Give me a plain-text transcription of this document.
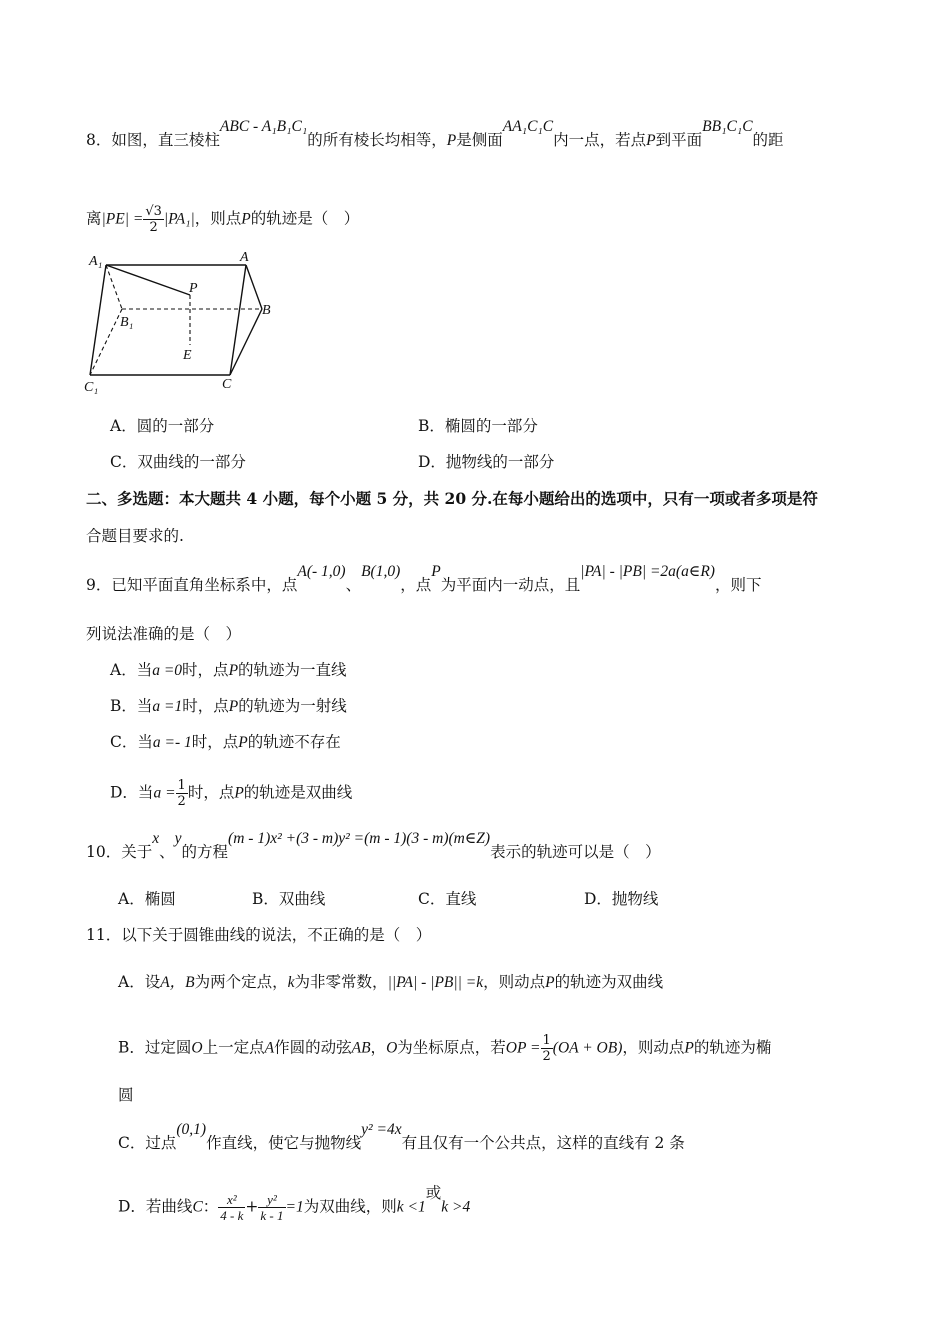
8．如图，直三棱柱ABC - A₁B₁C₁的所有棱长均相等，P是侧面AA₁C₁C内一点，若点P到平面BB₁C₁C的距
离$|PE| = \frac{√3}{2} |PA_1|$，则点P的轨迹是（　）
A₁	A
P
B₁
B
E
C₁	C
A．圆的一部分	B．椭圆的一部分
C．双曲线的一部分	D．抛物线的一部分
二、多选题：本大题共 4 小题，每个小题 5 分，共 20 分.在每小题给出的选项中，只有一项或者多项是符
合题目要求的.
9．已知平面直角坐标系中，点A(- 1,0)、B(1,0)，点P为平面内一动点，且|PA| - |PB| =2a(a∈R)，则下
列说法准确的是（　）
A．当a =0时，点P的轨迹为一直线
B．当a =1时，点P的轨迹为一射线
C．当a =- 1时，点P的轨迹不存在
D．当$a = \frac{1}{2}$ 时，点P的轨迹是双曲线
10．关于x、y的方程(m - 1)x² +(3 - m)y² =(m - 1)(3 - m)(m∈Z)表示的轨迹可以是（　）
A．椭圆	B．双曲线	C．直线	D．抛物线
11．以下关于圆锥曲线的说法，不正确的是（　）
A．设A，B为两个定点，k为非零常数，||PA| - |PB|| =k，则动点P的轨迹为双曲线
B．过定圆O上一定点A作圆的动弦AB，O为坐标原点，若OP = $\frac{1}{2} (OA + OB)$，则动点P的轨迹为椭
圆
C．过点(0,1)作直线，使它与抛物线y² =4x有且仅有一个公共点，这样的直线有 2 条
D．若曲线C： $\frac{\text{x²}}{4 - k} + \frac{\text{y²}}{k - 1} =1$为双曲线，则k <1或k >4
